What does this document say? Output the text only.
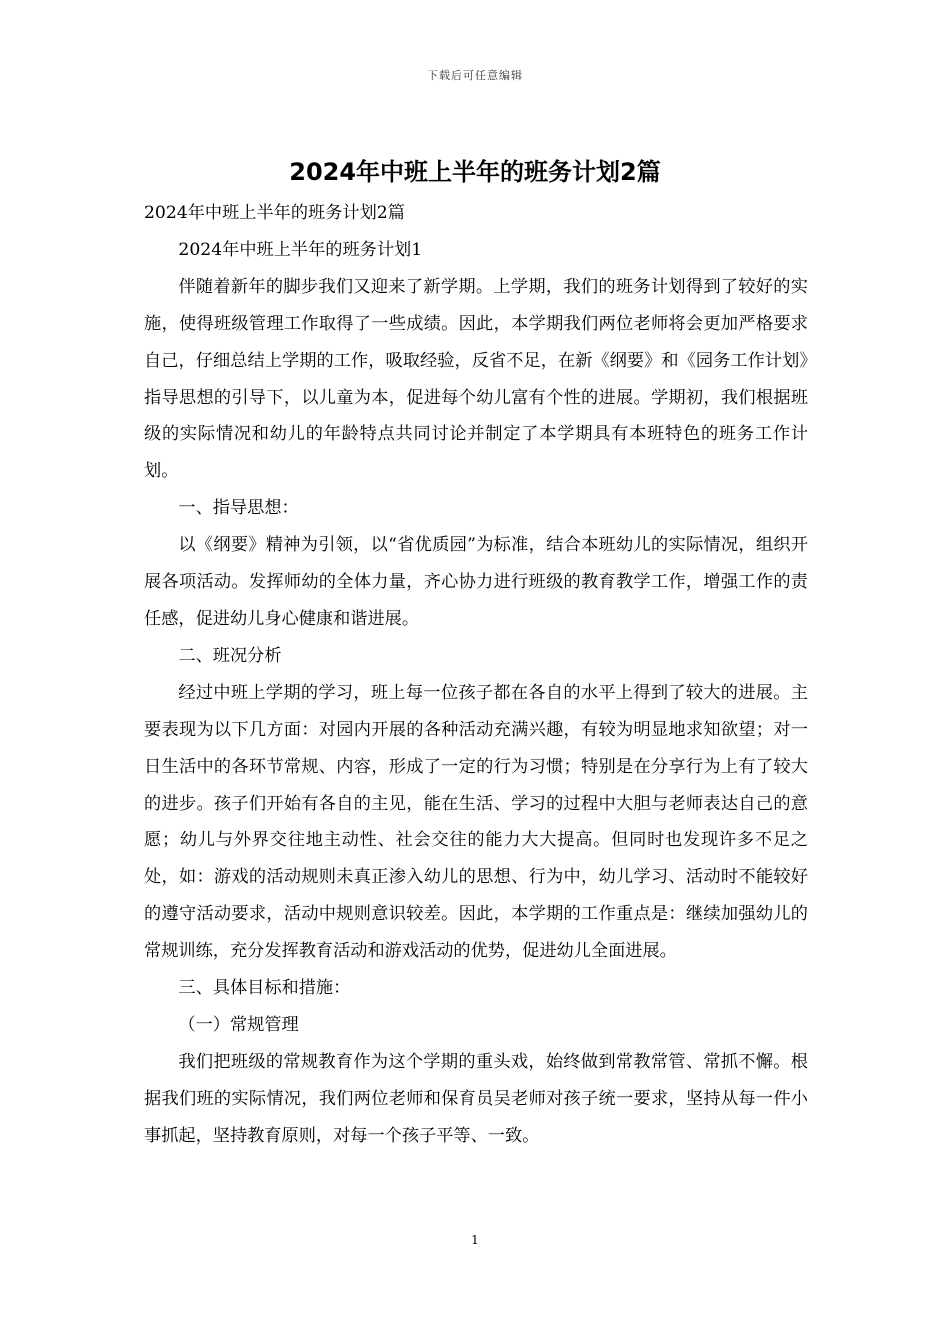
下载后可任意编辑
2024年中班上半年的班务计划2篇

2024年中班上半年的班务计划2篇

2024年中班上半年的班务计划1

伴随着新年的脚步我们又迎来了新学期。上学期，我们的班务计划得到了较好的实施，使得班级管理工作取得了一些成绩。因此，本学期我们两位老师将会更加严格要求自己，仔细总结上学期的工作，吸取经验，反省不足，在新《纲要》和《园务工作计划》指导思想的引导下，以儿童为本，促进每个幼儿富有个性的进展。学期初，我们根据班级的实际情况和幼儿的年龄特点共同讨论并制定了本学期具有本班特色的班务工作计划。

一、指导思想：

以《纲要》精神为引领，以“省优质园”为标准，结合本班幼儿的实际情况，组织开展各项活动。发挥师幼的全体力量，齐心协力进行班级的教育教学工作，增强工作的责任感，促进幼儿身心健康和谐进展。

二、班况分析

经过中班上学期的学习，班上每一位孩子都在各自的水平上得到了较大的进展。主要表现为以下几方面：对园内开展的各种活动充满兴趣，有较为明显地求知欲望；对一日生活中的各环节常规、内容，形成了一定的行为习惯；特别是在分享行为上有了较大的进步。孩子们开始有各自的主见，能在生活、学习的过程中大胆与老师表达自己的意愿；幼儿与外界交往地主动性、社会交往的能力大大提高。但同时也发现许多不足之处，如：游戏的活动规则未真正渗入幼儿的思想、行为中，幼儿学习、活动时不能较好的遵守活动要求，活动中规则意识较差。因此，本学期的工作重点是：继续加强幼儿的常规训练，充分发挥教育活动和游戏活动的优势，促进幼儿全面进展。

三、具体目标和措施：

（一）常规管理

我们把班级的常规教育作为这个学期的重头戏，始终做到常教常管、常抓不懈。根据我们班的实际情况，我们两位老师和保育员吴老师对孩子统一要求，坚持从每一件小事抓起，坚持教育原则，对每一个孩子平等、一致。

1
